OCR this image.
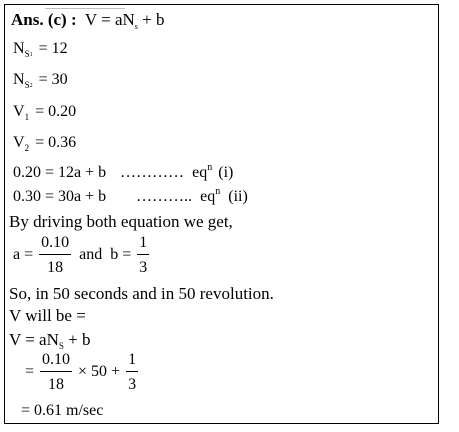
Ans. (c) : $V = aN_s + b$
$N_S1 = 12$
$N_S2 = 30$
$V_1 = 0.20$
$V_2 = 0.36$
0.20 = 12a + b ………… $eq^n$ (i)
0.30 = 30a + b ……….. $eq^n$ (ii)
By driving both equation we get,
$a = \frac{0.10}{18}$ and $b = \frac{1}{3}$
So, in 50 seconds and in 50 revolution.
V will be =
$V = aN_S + b$
= $\frac{0.10}{18} \times 50 + \frac{1}{3}$
= 0.61 m/sec
